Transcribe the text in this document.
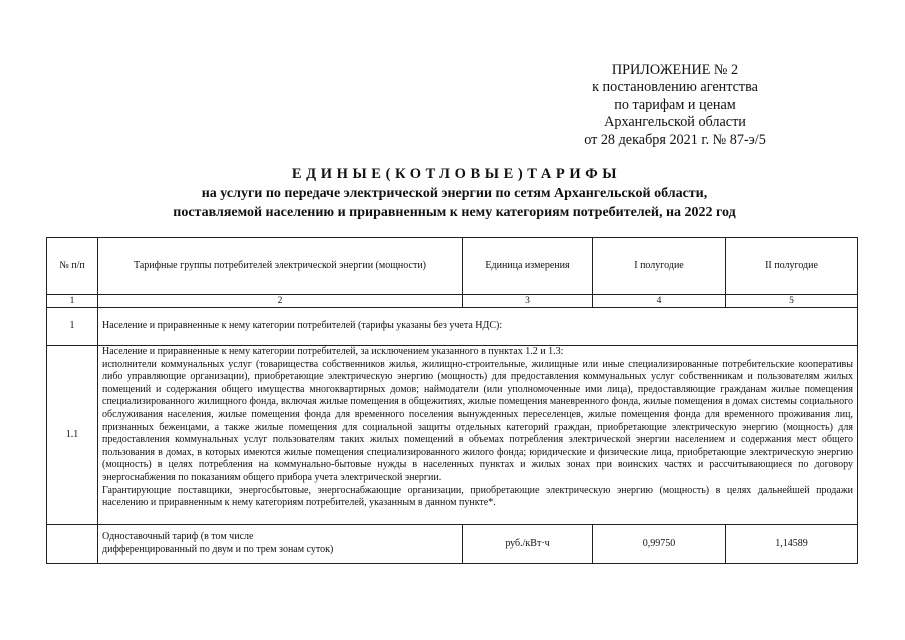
ПРИЛОЖЕНИЕ № 2
к постановлению агентства
по тарифам и ценам
Архангельской области
от 28 декабря 2021 г. № 87-э/5
ЕДИНЫЕ(КОТЛОВЫЕ)ТАРИФЫ
на услуги по передаче электрической энергии по сетям Архангельской области,
поставляемой населению и приравненным к нему категориям потребителей, на 2022 год
№ п/п	Тарифные группы потребителей электрической энергии (мощности)	Единица измерения	I полугодие	II полугодие
1	2	3	4	5
1	Население и приравненные к нему категории потребителей (тарифы указаны без учета НДС):			
1.1	Население и приравненные к нему категории потребителей, за исключением указанного в пунктах 1.2 и 1.3:

исполнители коммунальных услуг (товарищества собственников жилья, жилищно-строительные, жилищные или иные специализированные потребительские кооперативы либо управляющие организации), приобретающие электрическую энергию (мощность) для предоставления коммунальных услуг собственникам и пользователям жилых помещений и содержания общего имущества многоквартирных домов; наймодатели (или уполномоченные ими лица), предоставляющие гражданам жилые помещения специализированного жилищного фонда, включая жилые помещения в общежитиях, жилые помещения маневренного фонда, жилые помещения в домах системы социального обслуживания населения, жилые помещения фонда для временного поселения вынужденных переселенцев, жилые помещения фонда для временного проживания лиц, признанных беженцами, а также жилые помещения для социальной защиты отдельных категорий граждан, приобретающие электрическую энергию (мощность) для предоставления коммунальных услуг пользователям таких жилых помещений в объемах потребления электрической энергии населением и содержания мест общего пользования в домах, в которых имеются жилые помещения специализированного жилого фонда; юридические и физические лица, приобретающие электрическую энергию (мощность) в целях потребления на коммунально-бытовые нужды в населенных пунктах и жилых зонах при воинских частях и рассчитывающиеся по договору энергоснабжения по показаниям общего прибора учета электрической энергии.

Гарантирующие поставщики, энергосбытовые, энергоснабжающие организации, приобретающие электрическую энергию (мощность) в целях дальнейшей продажи населению и приравненным к нему категориям потребителей, указанным в данном пункте*.			

	Одноставочный тариф (в том числе
дифференцированный по двум и по трем зонам суток)	руб./кВт·ч	0,99750	1,14589
